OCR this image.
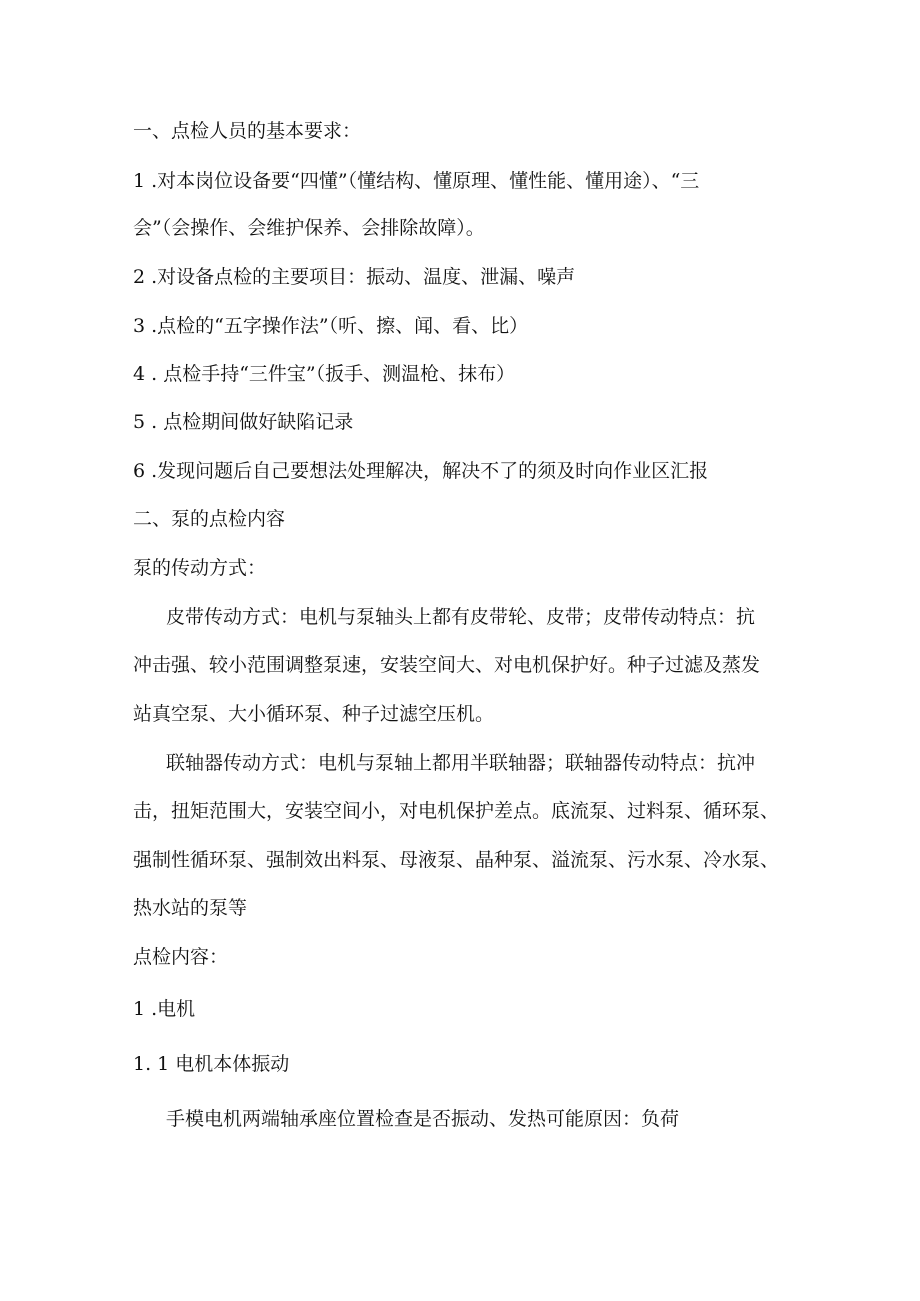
一、点检人员的基本要求：
1 .对本岗位设备要“四懂”（懂结构、懂原理、懂性能、懂用途）、“三
会”（会操作、会维护保养、会排除故障）。
2 .对设备点检的主要项目：振动、温度、泄漏、噪声
3 .点检的“五字操作法”（听、擦、闻、看、比）
4 . 点检手持“三件宝”（扳手、测温枪、抹布）
5 . 点检期间做好缺陷记录
6 .发现问题后自己要想法处理解决，解决不了的须及时向作业区汇报
二、泵的点检内容
泵的传动方式：
皮带传动方式：电机与泵轴头上都有皮带轮、皮带；皮带传动特点：抗
冲击强、较小范围调整泵速，安装空间大、对电机保护好。种子过滤及蒸发
站真空泵、大小循环泵、种子过滤空压机。
联轴器传动方式：电机与泵轴上都用半联轴器；联轴器传动特点：抗冲
击，扭矩范围大，安装空间小，对电机保护差点。底流泵、过料泵、循环泵、
强制性循环泵、强制效出料泵、母液泵、晶种泵、溢流泵、污水泵、冷水泵、
热水站的泵等
点检内容：
1 .电机
1. 1 电机本体振动
手模电机两端轴承座位置检查是否振动、发热可能原因：负荷
